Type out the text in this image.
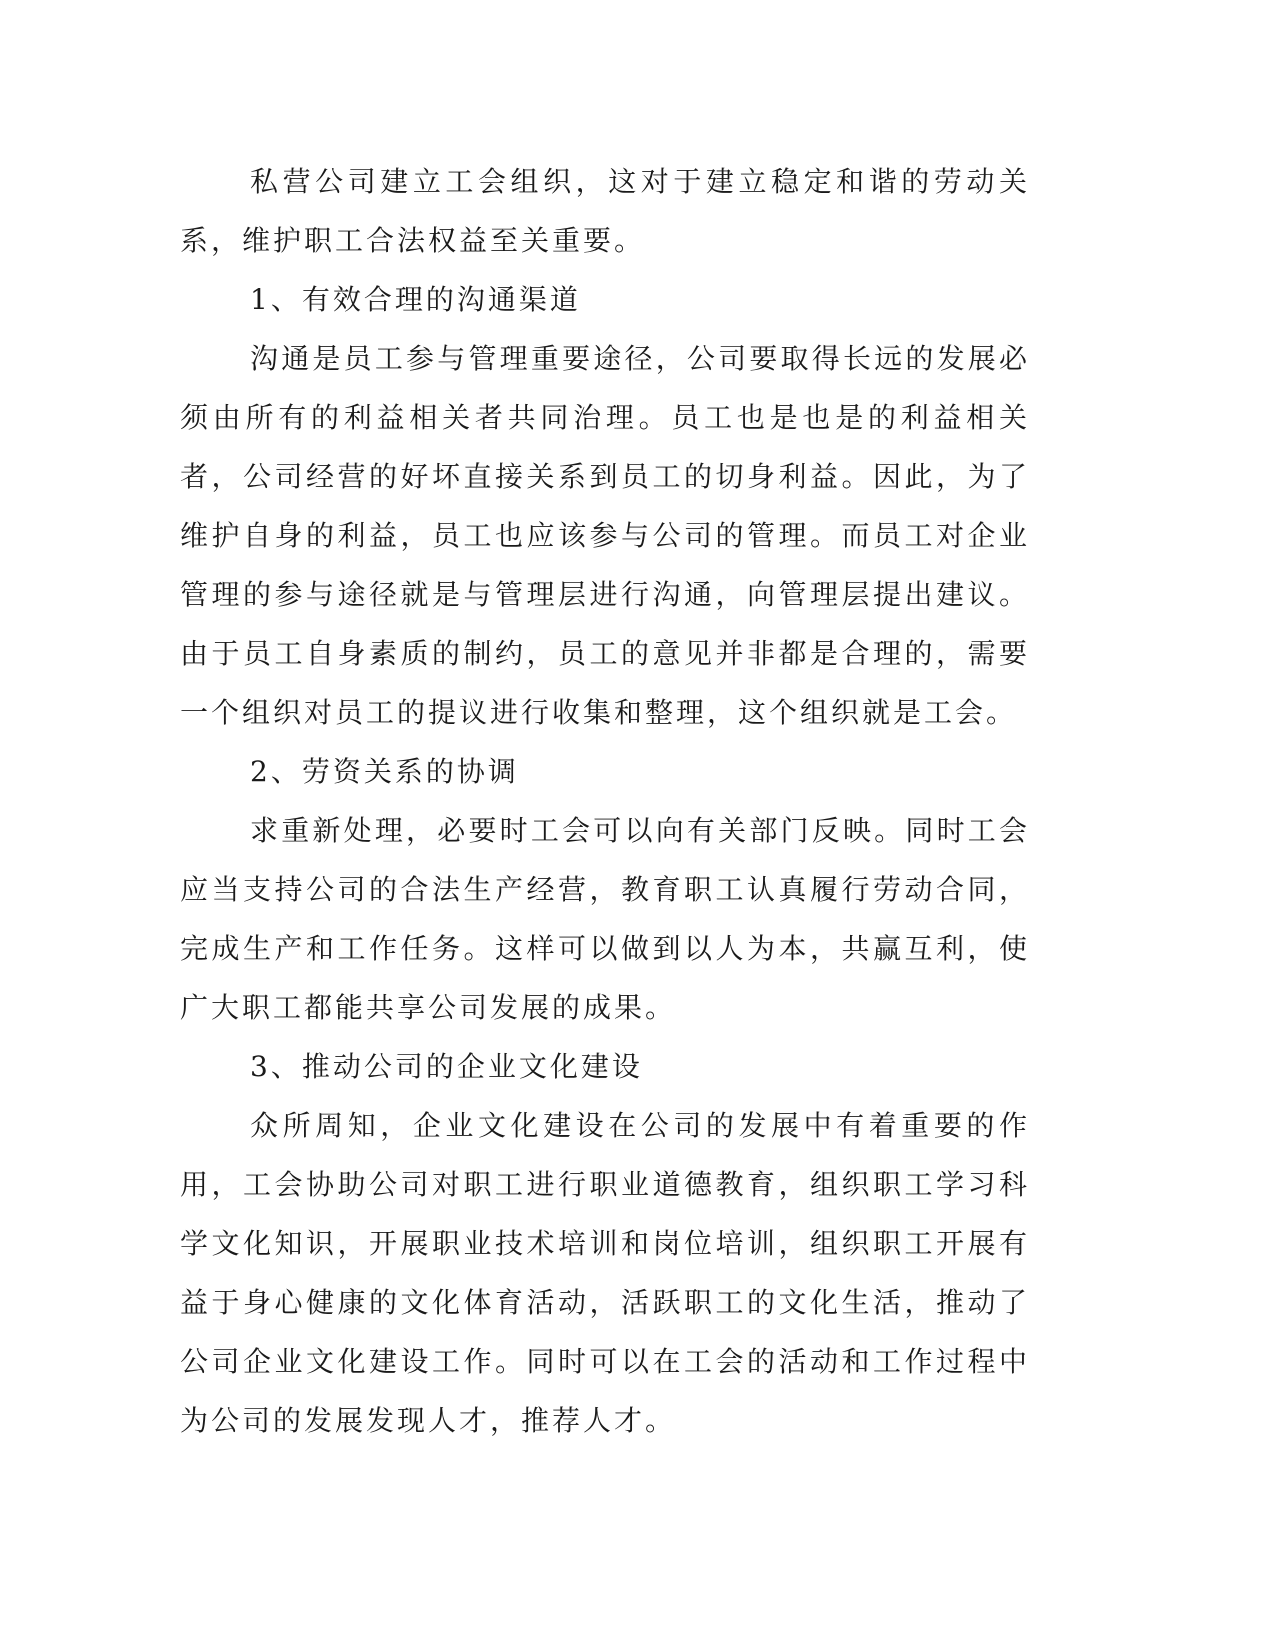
私营公司建立工会组织，这对于建立稳定和谐的劳动关系，维护职工合法权益至关重要。

1、有效合理的沟通渠道

沟通是员工参与管理重要途径，公司要取得长远的发展必须由所有的利益相关者共同治理。员工也是也是的利益相关者，公司经营的好坏直接关系到员工的切身利益。因此，为了维护自身的利益，员工也应该参与公司的管理。而员工对企业管理的参与途径就是与管理层进行沟通，向管理层提出建议。由于员工自身素质的制约，员工的意见并非都是合理的，需要一个组织对员工的提议进行收集和整理，这个组织就是工会。

2、劳资关系的协调

求重新处理，必要时工会可以向有关部门反映。同时工会应当支持公司的合法生产经营，教育职工认真履行劳动合同，完成生产和工作任务。这样可以做到以人为本，共赢互利，使广大职工都能共享公司发展的成果。

3、推动公司的企业文化建设

众所周知，企业文化建设在公司的发展中有着重要的作用，工会协助公司对职工进行职业道德教育，组织职工学习科学文化知识，开展职业技术培训和岗位培训，组织职工开展有益于身心健康的文化体育活动，活跃职工的文化生活，推动了公司企业文化建设工作。同时可以在工会的活动和工作过程中为公司的发展发现人才，推荐人才。
